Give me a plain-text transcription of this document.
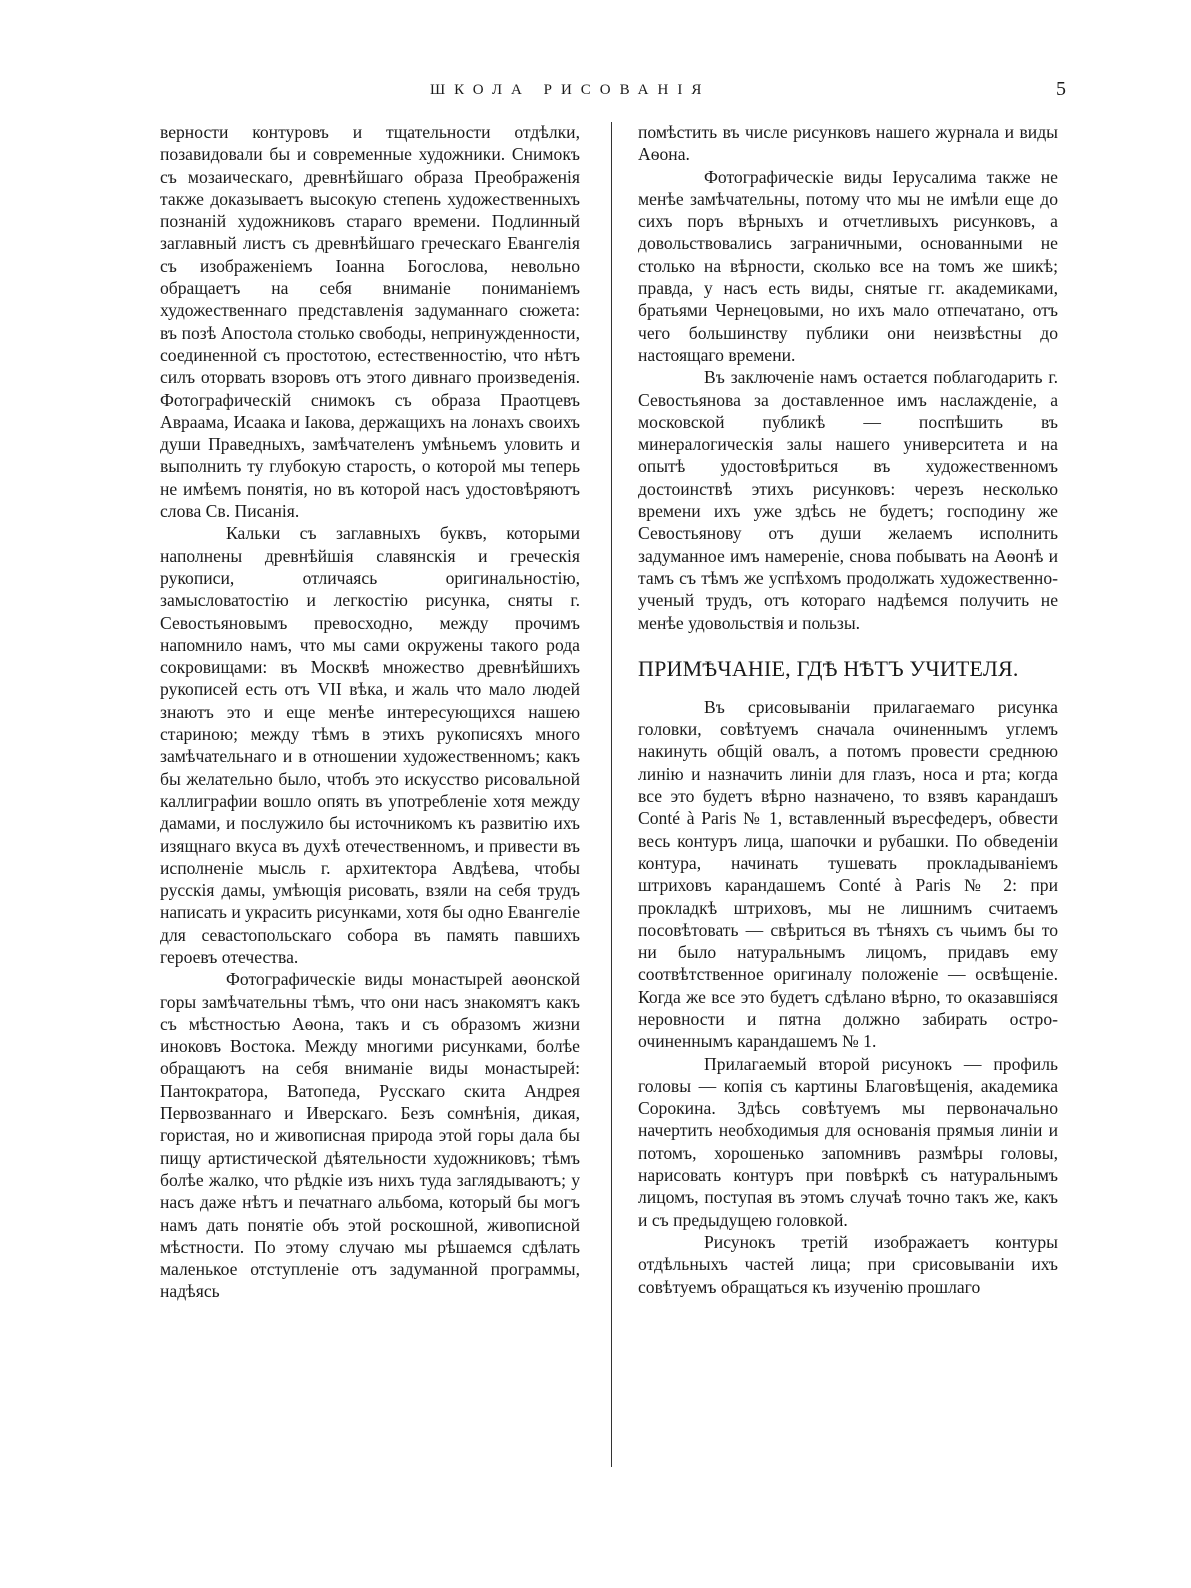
ШКОЛА РИСОВАНІЯ	5

верности контуровъ и тщательности отдѣлки, позавидовали бы и современные художники. Снимокъ съ мозаическаго, древнѣйшаго образа Преображенія также доказываетъ высокую степень художественныхъ познаній художниковъ стараго времени. Подлинный заглавный листъ съ древнѣйшаго греческаго Евангелія съ изображеніемъ Іоанна Богослова, невольно обращаетъ на себя вниманіе пониманіемъ художественнаго представленія задуманнаго сюжета: въ позѣ Апостола столько свободы, непринужденности, соединенной съ простотою, естественностію, что нѣтъ силъ оторвать взоровъ отъ этого дивнаго произведенія. Фотографическій снимокъ съ образа Праотцевъ Авраама, Исаака и Іакова, держащихъ на лонахъ своихъ души Праведныхъ, замѣчателенъ умѣньемъ уловить и выполнить ту глубокую старость, о которой мы теперь не имѣемъ понятія, но въ которой насъ удостовѣряютъ слова Св. Писанія.

Кальки съ заглавныхъ буквъ, которыми наполнены древнѣйшія славянскія и греческія рукописи, отличаясь оригинальностію, замысловатостію и легкостію рисунка, сняты г. Севостьяновымъ превосходно, между прочимъ напомнило намъ, что мы сами окружены такого рода сокровищами: въ Москвѣ множество древнѣйшихъ рукописей есть отъ VII вѣка, и жаль что мало людей знаютъ это и еще менѣе интересующихся нашею стариною; между тѣмъ в этихъ рукописяхъ много замѣчательнаго и в отношении художественномъ; какъ бы желательно было, чтобъ это искусство рисовальной каллиграфии вошло опять въ употребленіе хотя между дамами, и послужило бы источникомъ къ развитію ихъ изящнаго вкуса въ духѣ отечественномъ, и привести въ исполненіе мысль г. архитектора Авдѣева, чтобы русскія дамы, умѣющія рисовать, взяли на себя трудъ написать и украсить рисунками, хотя бы одно Евангеліе для севастопольскаго собора въ память павшихъ героевъ отечества.

Фотографическіе виды монастырей аѳонской горы замѣчательны тѣмъ, что они насъ знакомятъ какъ съ мѣстностью Аѳона, такъ и съ образомъ жизни иноковъ Востока. Между многими рисунками, болѣе обращаютъ на себя вниманіе виды монастырей: Пантократора, Ватопеда, Русскаго скита Андрея Первозваннаго и Иверскаго. Безъ сомнѣнія, дикая, гористая, но и живописная природа этой горы дала бы пищу артистической дѣятельности художниковъ; тѣмъ болѣе жалко, что рѣдкіе изъ нихъ туда заглядываютъ; у насъ даже нѣтъ и печатнаго альбома, который бы могъ намъ дать понятіе объ этой роскошной, живописной мѣстности. По этому случаю мы рѣшаемся сдѣлать маленькое отступленіе отъ задуманной программы, надѣясь

помѣстить въ числе рисунковъ нашего журнала и виды Аѳона.

Фотографическіе виды Іерусалима также не менѣе замѣчательны, потому что мы не имѣли еще до сихъ поръ вѣрныхъ и отчетливыхъ рисунковъ, а довольствовались заграничными, основанными не столько на вѣрности, сколько все на томъ же шикѣ; правда, у насъ есть виды, снятые гг. академиками, братьями Чернецовыми, но ихъ мало отпечатано, отъ чего большинству публики они неизвѣстны до настоящаго времени.

Въ заключеніе намъ остается поблагодарить г. Севостьянова за доставленное имъ наслажденіе, а московской публикѣ — поспѣшить въ минералогическія залы нашего университета и на опытѣ удостовѣриться въ художественномъ достоинствѣ этихъ рисунковъ: черезъ несколько времени ихъ уже здѣсь не будетъ; господину же Севостьянову отъ души желаемъ исполнить задуманное имъ намереніе, снова побывать на Аѳонѣ и тамъ съ тѣмъ же успѣхомъ продолжать художественно-ученый трудъ, отъ котораго надѣемся получить не менѣе удовольствія и пользы.

ПРИМѢЧАНІЕ, ГДѢ НѢТЪ УЧИТЕЛЯ.

Въ срисовываніи прилагаемаго рисунка головки, совѣтуемъ сначала очиненнымъ углемъ накинуть общій овалъ, а потомъ провести среднюю линію и назначить линіи для глазъ, носа и рта; когда все это будетъ вѣрно назначено, то взявъ карандашъ Conté à Paris № 1, вставленный въресфедеръ, обвести весь контуръ лица, шапочки и рубашки. По обведеніи контура, начинать тушевать прокладываніемъ штриховъ карандашемъ Conté à Paris № 2: при прокладкѣ штриховъ, мы не лишнимъ считаемъ посовѣтовать — свѣриться въ тѣняхъ съ чьимъ бы то ни было натуральнымъ лицомъ, придавъ ему соотвѣтственное оригиналу положеніе — освѣщеніе. Когда же все это будетъ сдѣлано вѣрно, то оказавшіяся неровности и пятна должно забирать остро-очиненнымъ карандашемъ № 1.

Прилагаемый второй рисунокъ — профиль головы — копія съ картины Благовѣщенія, академика Сорокина. Здѣсь совѣтуемъ мы первоначально начертить необходимыя для основанія прямыя линіи и потомъ, хорошенько запомнивъ размѣры головы, нарисовать контуръ при повѣркѣ съ натуральнымъ лицомъ, поступая въ этомъ случаѣ точно такъ же, какъ и съ предыдущею головкой.

Рисунокъ третій изображаетъ контуры отдѣльныхъ частей лица; при срисовываніи ихъ совѣтуемъ обращаться къ изученію прошлаго
